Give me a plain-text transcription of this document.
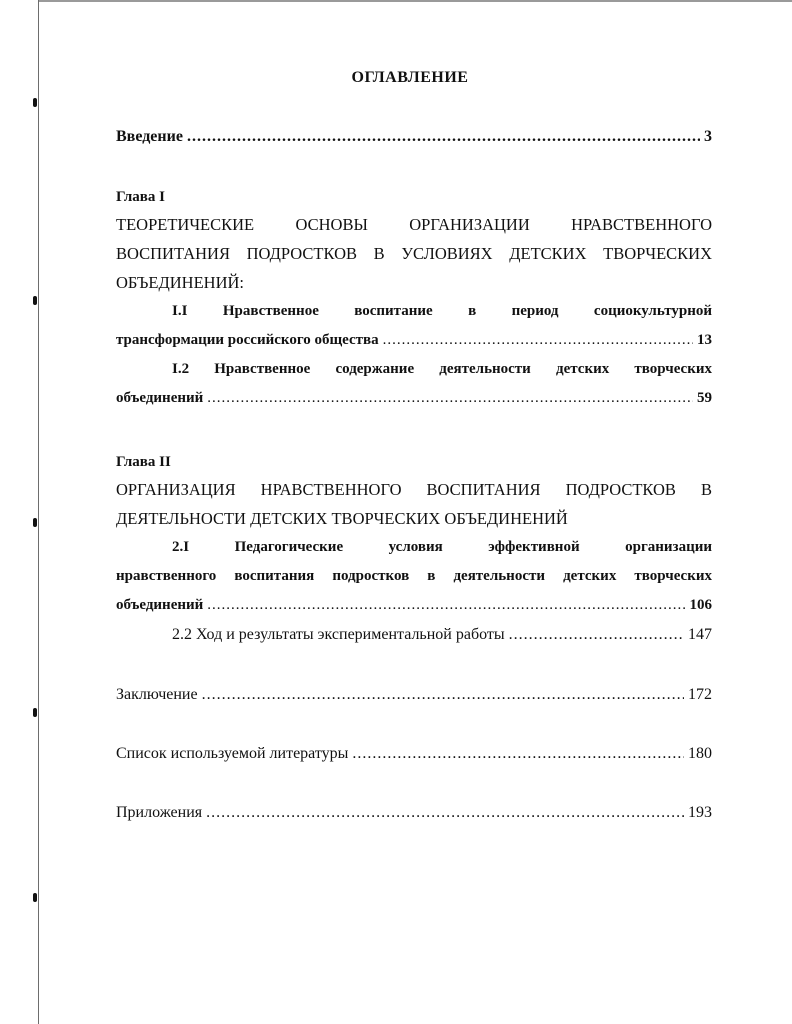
ОГЛАВЛЕНИЕ
Введение .....	3
Глава I
ТЕОРЕТИЧЕСКИЕ ОСНОВЫ ОРГАНИЗАЦИИ НРАВСТВЕННОГО
ВОСПИТАНИЯ ПОДРОСТКОВ В УСЛОВИЯХ ДЕТСКИХ ТВОРЧЕСКИХ
ОБЪЕДИНЕНИЙ:
I.I Нравственное воспитание в период социокультурной
трансформации российского общества .....	13
I.2 Нравственное содержание деятельности детских творческих
объединений .....	59
Глава II
ОРГАНИЗАЦИЯ НРАВСТВЕННОГО ВОСПИТАНИЯ ПОДРОСТКОВ В
ДЕЯТЕЛЬНОСТИ ДЕТСКИХ ТВОРЧЕСКИХ ОБЪЕДИНЕНИЙ
2.I Педагогические условия эффективной организации
нравственного воспитания подростков в деятельности детских творческих
объединений .....	106
2.2 Ход и результаты экспериментальной работы .....	147
Заключение .....	172
Список используемой литературы .....	180
Приложения .....	193
